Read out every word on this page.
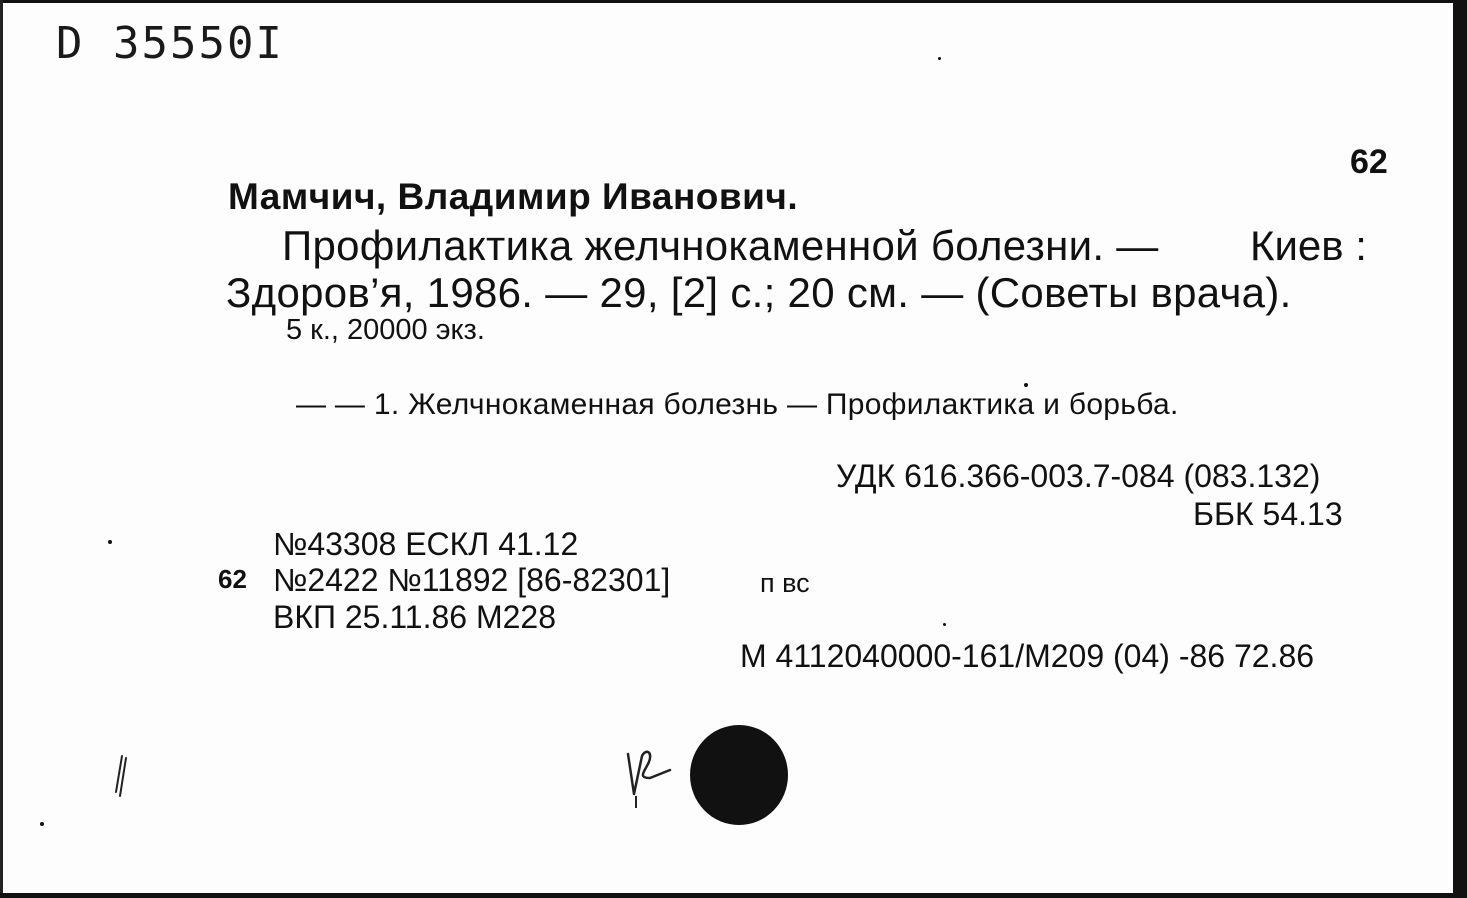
D 35550I
62
Мамчич, Владимир Иванович.
Профилактика желчнокаменной болезни. — Киев :
Здоров’я, 1986. — 29, [2] с.; 20 см. — (Советы врача).
5 к., 20000 экз.
— — 1. Желчнокаменная болезнь — Профилактика и борьба.
УДК 616.366-003.7-084 (083.132)
ББК 54.13
№43308 ЕСКЛ 41.12
62 №2422 №11892 [86-82301]	п вс
ВКП 25.11.86 М228
М 4112040000-161/М209 (04) -86 72.86
